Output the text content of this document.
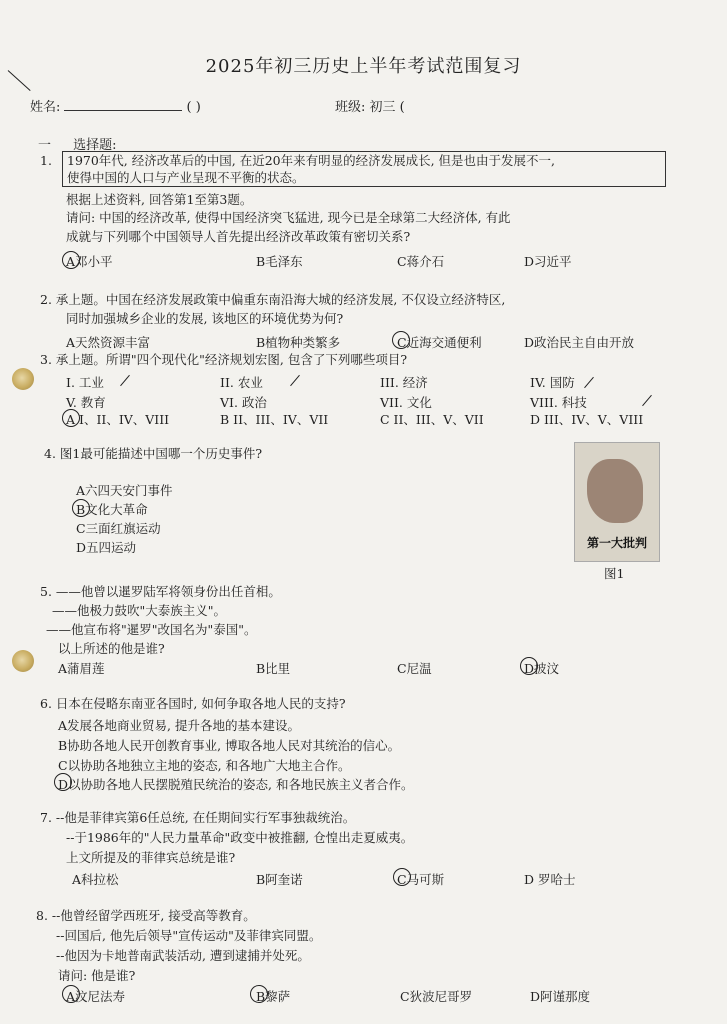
2025年初三历史上半年考试范围复习
姓名:	( )	班级: 初三 (
一 选择题:
1. 1970年代, 经济改革后的中国, 在近20年来有明显的经济发展成长, 但是也由于发展不一,
使得中国的人口与产业呈现不平衡的状态。
根据上述资料, 回答第1至第3题。
请问: 中国的经济改革, 使得中国经济突飞猛进, 现今已是全球第二大经济体, 有此
成就与下列哪个中国领导人首先提出经济改革政策有密切关系?
A邓小平	B毛泽东	C蒋介石	D习近平
2. 承上题。中国在经济发展政策中偏重东南沿海大城的经济发展, 不仅设立经济特区,
同时加强城乡企业的发展, 该地区的环境优势为何?
A天然资源丰富	B植物种类繁多	C近海交通便利	D政治民主自由开放
3. 承上题。所谓"四个现代化"经济规划宏图, 包含了下列哪些项目?
I. 工业	II. 农业	III. 经济	IV. 国防
V. 教育	VI. 政治	VII. 文化	VIII. 科技
A I、II、IV、VIII	B II、III、IV、VII	C II、III、V、VII	D III、IV、V、VIII
4. 图1最可能描述中国哪一个历史事件?
A六四天安门事件
B文化大革命
C三面红旗运动
D五四运动	第一大批判
图1
5. ——他曾以暹罗陆军将领身份出任首相。
——他极力鼓吹"大泰族主义"。
——他宣布将"暹罗"改国名为"泰国"。
以上所述的他是谁?
A蒲眉莲	B比里	C尼温	D披汶
6. 日本在侵略东南亚各国时, 如何争取各地人民的支持?
A发展各地商业贸易, 提升各地的基本建设。
B协助各地人民开创教育事业, 博取各地人民对其统治的信心。
C以协助各地独立主地的姿态, 和各地广大地主合作。
D以协助各地人民摆脱殖民统治的姿态, 和各地民族主义者合作。
7. --他是菲律宾第6任总统, 在任期间实行军事独裁统治。
--于1986年的"人民力量革命"政变中被推翻, 仓惶出走夏威夷。
上文所提及的菲律宾总统是谁?
A科拉松	B阿奎诺	C马可斯	D 罗哈士
8. --他曾经留学西班牙, 接受高等教育。
--回国后, 他先后领导"宣传运动"及菲律宾同盟。
--他因为卡地普南武装活动, 遭到逮捕并处死。
请问: 他是谁?
A汶尼法寿	B黎萨	C狄波尼哥罗	D阿谨那度
